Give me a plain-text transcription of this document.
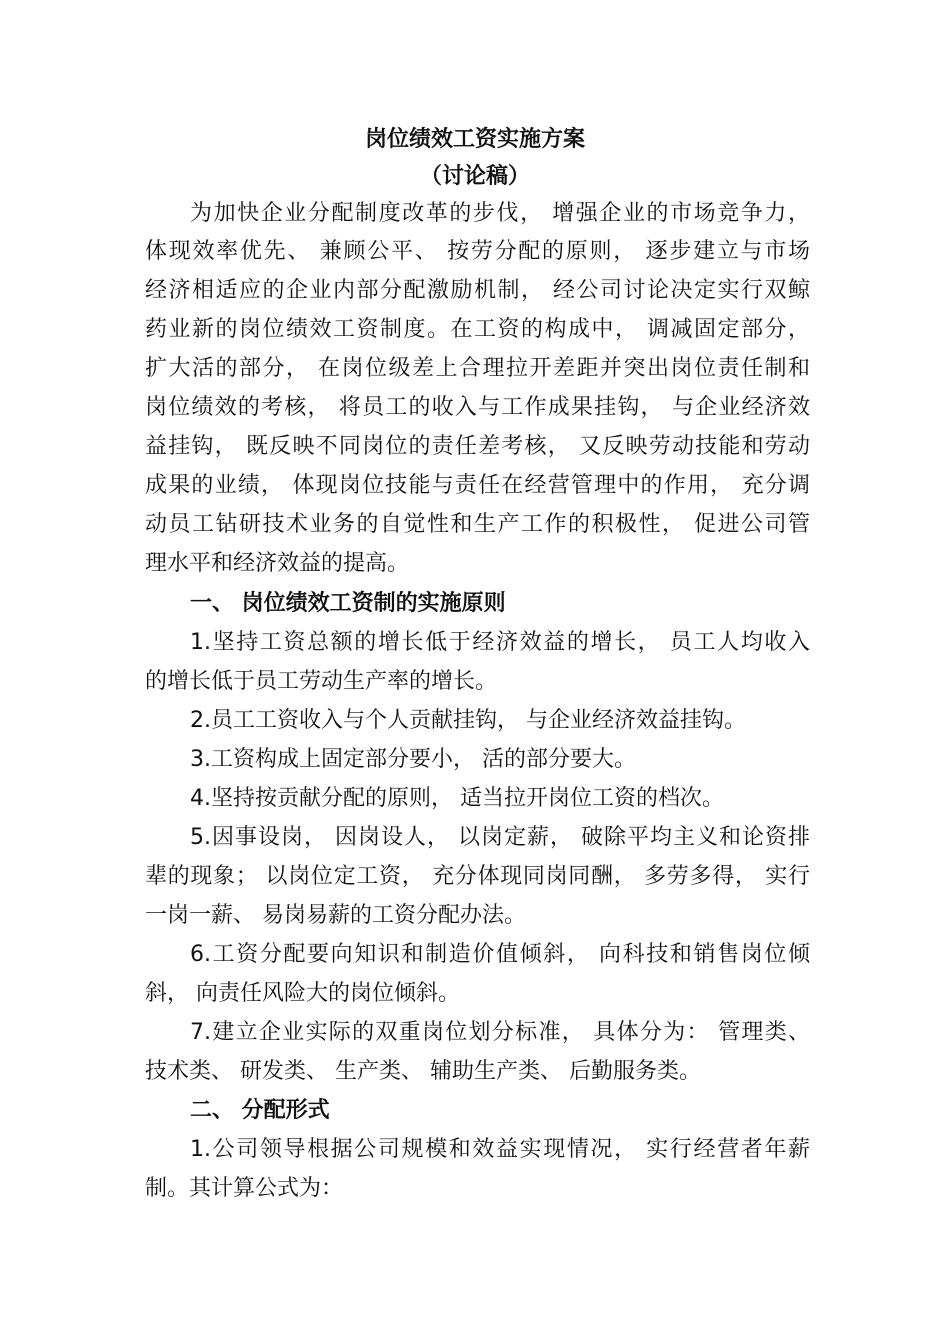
岗位绩效工资实施方案
（讨论稿）
为加快企业分配制度改革的步伐， 增强企业的市场竞争力，
体现效率优先、 兼顾公平、 按劳分配的原则， 逐步建立与市场
经济相适应的企业内部分配激励机制， 经公司讨论决定实行双鲸
药业新的岗位绩效工资制度。在工资的构成中， 调减固定部分，
扩大活的部分， 在岗位级差上合理拉开差距并突出岗位责任制和
岗位绩效的考核， 将员工的收入与工作成果挂钩， 与企业经济效
益挂钩， 既反映不同岗位的责任差考核， 又反映劳动技能和劳动
成果的业绩， 体现岗位技能与责任在经营管理中的作用， 充分调
动员工钻研技术业务的自觉性和生产工作的积极性， 促进公司管
理水平和经济效益的提高。
一、 岗位绩效工资制的实施原则
1.坚持工资总额的增长低于经济效益的增长， 员工人均收入
的增长低于员工劳动生产率的增长。
2.员工工资收入与个人贡献挂钩， 与企业经济效益挂钩。
3.工资构成上固定部分要小， 活的部分要大。
4.坚持按贡献分配的原则， 适当拉开岗位工资的档次。
5.因事设岗， 因岗设人， 以岗定薪， 破除平均主义和论资排
辈的现象； 以岗位定工资， 充分体现同岗同酬， 多劳多得， 实行
一岗一薪、 易岗易薪的工资分配办法。
6.工资分配要向知识和制造价值倾斜， 向科技和销售岗位倾
斜， 向责任风险大的岗位倾斜。
7.建立企业实际的双重岗位划分标准， 具体分为： 管理类、
技术类、 研发类、 生产类、 辅助生产类、 后勤服务类。
二、 分配形式
1.公司领导根据公司规模和效益实现情况， 实行经营者年薪
制。其计算公式为：
